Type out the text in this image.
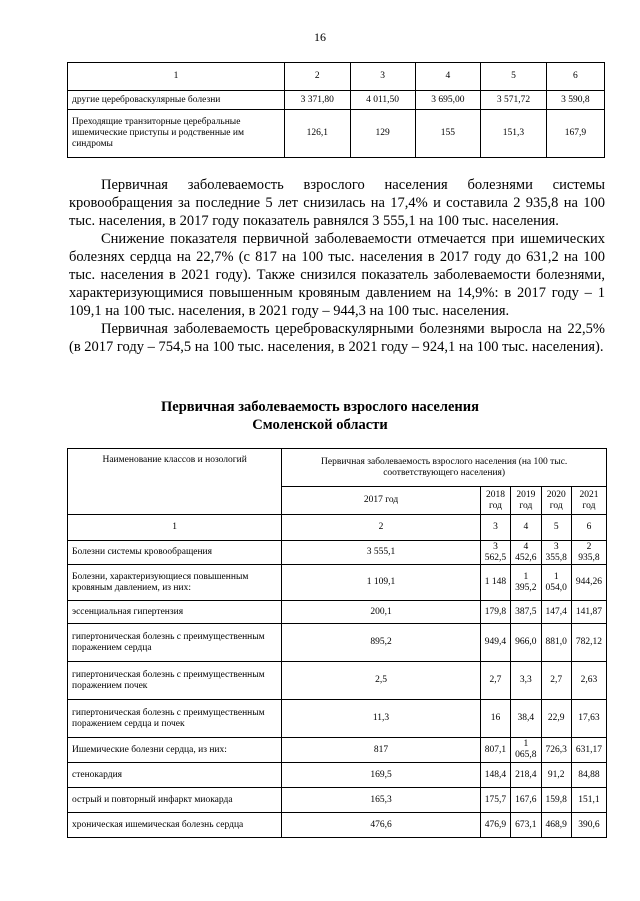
16
1	2	3	4	5	6
другие цереброваскулярные болезни	3 371,80	4 011,50	3 695,00	3 571,72	3 590,8
Преходящие транзиторные церебральные ишемические приступы и родственные им синдромы	126,1	129	155	151,3	167,9

Первичная заболеваемость взрослого населения болезнями системы кровообращения за последние 5 лет снизилась на 17,4% и составила 2 935,8 на 100 тыс. населения, в 2017 году показатель равнялся 3 555,1 на 100 тыс. населения.

Снижение показателя первичной заболеваемости отмечается при ишемических болезнях сердца на 22,7% (с 817 на 100 тыс. населения в 2017 году до 631,2 на 100 тыс. населения в 2021 году). Также снизился показатель заболеваемости болезнями, характеризующимися повышенным кровяным давлением на 14,9%: в 2017 году – 1 109,1 на 100 тыс. населения, в 2021 году – 944,3 на 100 тыс. населения.

Первичная заболеваемость цереброваскулярными болезнями выросла на 22,5% (в 2017 году – 754,5 на 100 тыс. населения, в 2021 году – 924,1 на 100 тыс. населения).

Первичная заболеваемость взрослого населения

Смоленской области

Наименование классов и нозологий	Первичная заболеваемость взрослого населения (на 100 тыс. соответствующего населения)				
	2017 год	2018 год	2019 год	2020 год	2021 год
1	2	3	4	5	6
Болезни системы кровообращения	3 555,1	3 562,5	4 452,6	3 355,8	2 935,8
Болезни, характеризующиеся повышенным кровяным давлением, из них:	1 109,1	1 148	1 395,2	1 054,0	944,26
эссенциальная гипертензия	200,1	179,8	387,5	147,4	141,87
гипертоническая болезнь с преимущественным поражением сердца	895,2	949,4	966,0	881,0	782,12
гипертоническая болезнь с преимущественным поражением почек	2,5	2,7	3,3	2,7	2,63
гипертоническая болезнь с преимущественным поражением сердца и почек	11,3	16	38,4	22,9	17,63
Ишемические болезни сердца, из них:	817	807,1	1 065,8	726,3	631,17
стенокардия	169,5	148,4	218,4	91,2	84,88
острый и повторный инфаркт миокарда	165,3	175,7	167,6	159,8	151,1
хроническая ишемическая болезнь сердца	476,6	476,9	673,1	468,9	390,6
